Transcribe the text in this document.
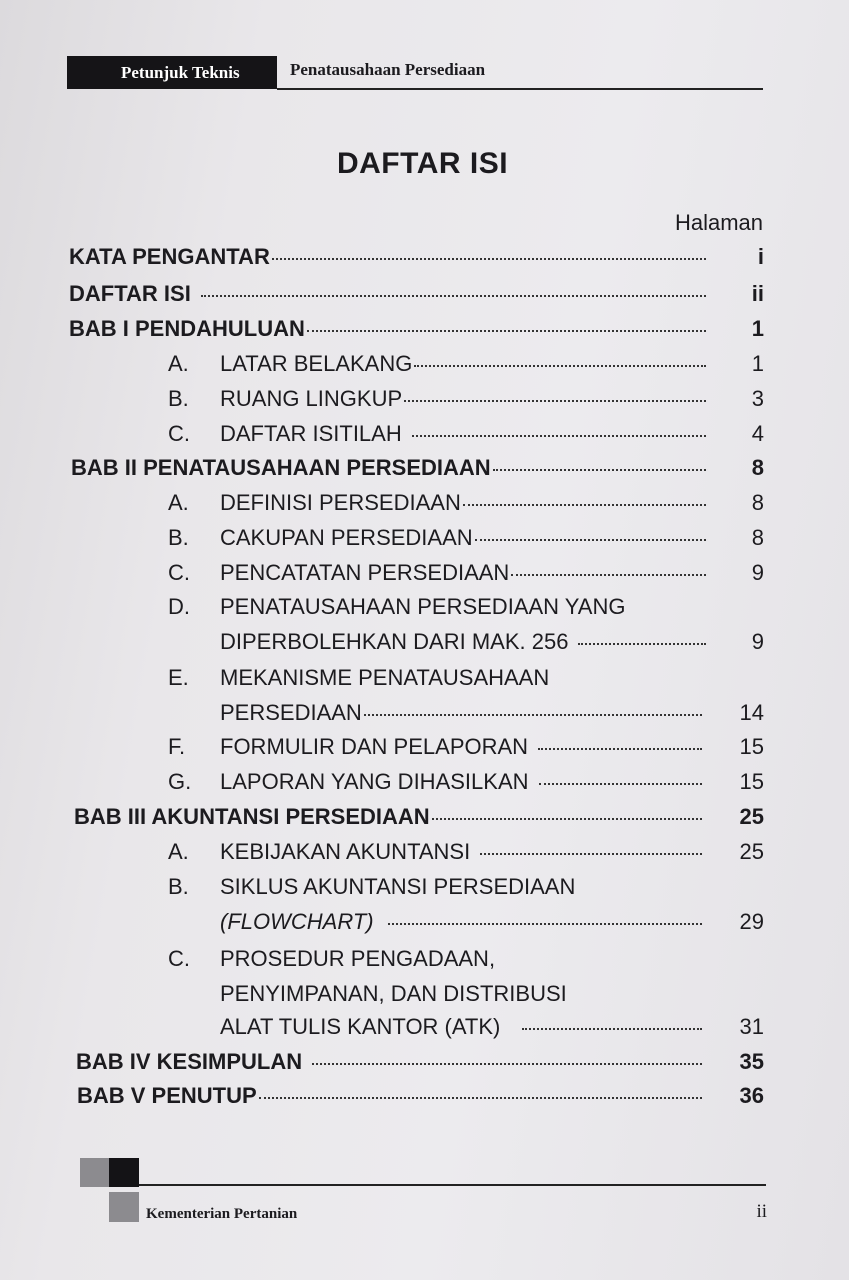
Petunjuk Teknis	Penatausahaan Persediaan
DAFTAR ISI
Halaman
KATA PENGANTAR	i
DAFTAR ISI	ii
BAB I PENDAHULUAN	1
A. LATAR BELAKANG	1
B. RUANG LINGKUP	3
C. DAFTAR ISITILAH	4
BAB II PENATAUSAHAAN PERSEDIAAN	8
A. DEFINISI PERSEDIAAN	8
B. CAKUPAN PERSEDIAAN	8
C. PENCATATAN PERSEDIAAN	9
D. PENATAUSAHAAN PERSEDIAAN YANG
DIPERBOLEHKAN DARI MAK. 256	9
E. MEKANISME PENATAUSAHAAN
PERSEDIAAN	14
F. FORMULIR DAN PELAPORAN	15
G. LAPORAN YANG DIHASILKAN	15
BAB III AKUNTANSI PERSEDIAAN	25
A. KEBIJAKAN AKUNTANSI	25
B. SIKLUS AKUNTANSI PERSEDIAAN
(FLOWCHART)	29
C. PROSEDUR PENGADAAN,
PENYIMPANAN, DAN DISTRIBUSI
ALAT TULIS KANTOR (ATK)	31
BAB IV KESIMPULAN	35
BAB V PENUTUP	36
Kementerian Pertanian	ii
